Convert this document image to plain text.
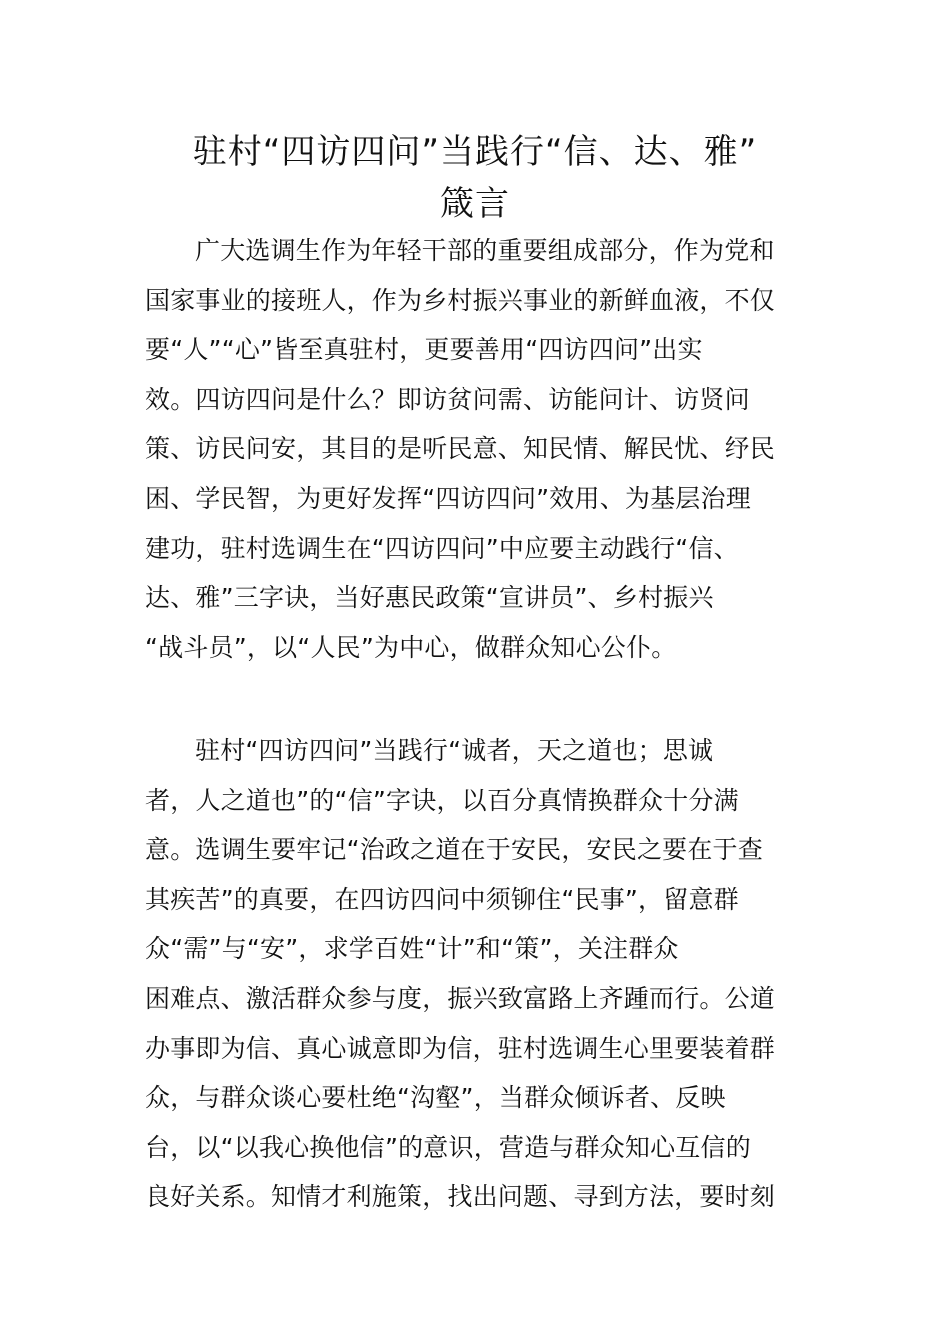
驻村“四访四问”当践行“信、达、雅”
箴言
广大选调生作为年轻干部的重要组成部分，作为党和
国家事业的接班人，作为乡村振兴事业的新鲜血液，不仅
要“人”“心”皆至真驻村，更要善用“四访四问”出实
效。四访四问是什么？即访贫问需、访能问计、访贤问
策、访民问安，其目的是听民意、知民情、解民忧、纾民
困、学民智，为更好发挥“四访四问”效用、为基层治理
建功，驻村选调生在“四访四问”中应要主动践行“信、
达、雅”三字诀，当好惠民政策“宣讲员”、乡村振兴
“战斗员”，以“人民”为中心，做群众知心公仆。
驻村“四访四问”当践行“诚者，天之道也；思诚
者，人之道也”的“信”字诀，以百分真情换群众十分满
意。选调生要牢记“治政之道在于安民，安民之要在于查
其疾苦”的真要，在四访四问中须铆住“民事”，留意群
众“需”与“安”，求学百姓“计”和“策”，关注群众
困难点、激活群众参与度，振兴致富路上齐踵而行。公道
办事即为信、真心诚意即为信，驻村选调生心里要装着群
众，与群众谈心要杜绝“沟壑”，当群众倾诉者、反映
台，以“以我心换他信”的意识，营造与群众知心互信的
良好关系。知情才利施策，找出问题、寻到方法，要时刻
